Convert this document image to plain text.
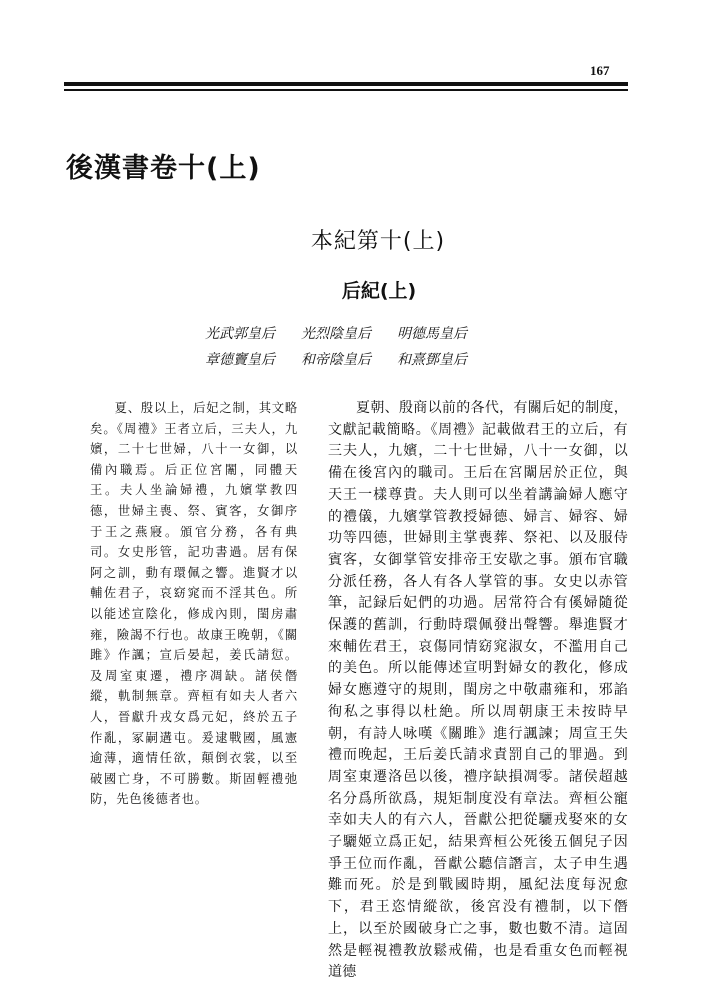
167
後漢書卷十(上)
本紀第十(上)
后紀(上)
光武郭皇后 光烈陰皇后 明德馬皇后
章德竇皇后 和帝陰皇后 和熹鄧皇后

夏、殷以上，后妃之制，其文略矣。《周禮》王者立后，三夫人，九嬪，二十七世婦，八十一女御，以備內職焉。后正位宮闈，同體天王。夫人坐論婦禮，九嬪掌教四德，世婦主喪、祭、賓客，女御序于王之燕寢。頒官分務，各有典司。女史彤管，記功書過。居有保阿之訓，動有環佩之響。進賢才以輔佐君子，哀窈窕而不淫其色。所以能述宣陰化，修成內則，閨房肅雍，險謁不行也。故康王晚朝，《關雎》作諷；宣后晏起，姜氏請愆。及周室東遷，禮序凋缺。諸侯僭縱，軌制無章。齊桓有如夫人者六人，晉獻升戎女爲元妃，終於五子作亂，冢嗣遘屯。爰逮戰國，風憲逾薄，適情任欲，顛倒衣裳，以至破國亡身，不可勝數。斯固輕禮弛防，先色後德者也。

夏朝、殷商以前的各代，有關后妃的制度，文獻記載簡略。《周禮》記載做君王的立后，有三夫人，九嬪，二十七世婦，八十一女御，以備在後宮內的職司。王后在宮闈居於正位，與天王一樣尊貴。夫人則可以坐着講論婦人應守的禮儀，九嬪掌管教授婦德、婦言、婦容、婦功等四德，世婦則主掌喪葬、祭祀、以及服侍賓客，女御掌管安排帝王安歇之事。頒布官職分派任務，各人有各人掌管的事。女史以赤管筆，記録后妃們的功過。居常符合有傒婦隨從保護的舊訓，行動時環佩發出聲響。舉進賢才來輔佐君王，哀傷同情窈窕淑女，不濫用自己的美色。所以能傳述宣明對婦女的教化，修成婦女應遵守的規則，閨房之中敬肅雍和，邪諂徇私之事得以杜絶。所以周朝康王未按時早朝，有詩人咏嘆《關雎》進行諷諫；周宣王失禮而晚起，王后姜氏請求責罰自己的罪過。到周室東遷洛邑以後，禮序缺損凋零。諸侯超越名分爲所欲爲，規矩制度没有章法。齊桓公寵幸如夫人的有六人，晉獻公把從驪戎娶來的女子驪姬立爲正妃，結果齊桓公死後五個兒子因爭王位而作亂，晉獻公聽信譖言，太子申生遇難而死。於是到戰國時期，風紀法度每況愈下，君王恣情縱欲，後宮没有禮制，以下僭上，以至於國破身亡之事，數也數不清。這固然是輕視禮教放鬆戒備，也是看重女色而輕視道德
